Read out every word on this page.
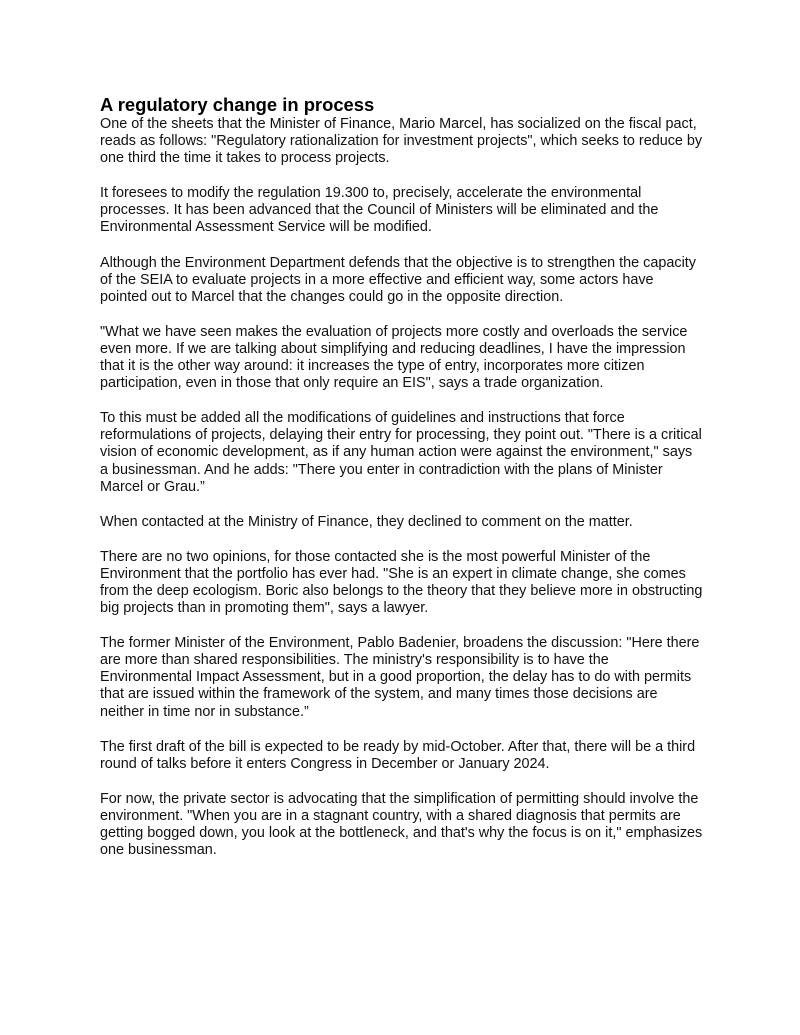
A regulatory change in process

One of the sheets that the Minister of Finance, Mario Marcel, has socialized on the fiscal pact, reads as follows: "Regulatory rationalization for investment projects", which seeks to reduce by one third the time it takes to process projects.

It foresees to modify the regulation 19.300 to, precisely, accelerate the environmental processes. It has been advanced that the Council of Ministers will be eliminated and the Environmental Assessment Service will be modified.

Although the Environment Department defends that the objective is to strengthen the capacity of the SEIA to evaluate projects in a more effective and efficient way, some actors have pointed out to Marcel that the changes could go in the opposite direction.

"What we have seen makes the evaluation of projects more costly and overloads the service even more. If we are talking about simplifying and reducing deadlines, I have the impression that it is the other way around: it increases the type of entry, incorporates more citizen participation, even in those that only require an EIS", says a trade organization.

To this must be added all the modifications of guidelines and instructions that force reformulations of projects, delaying their entry for processing, they point out. "There is a critical vision of economic development, as if any human action were against the environment," says a businessman. And he adds: "There you enter in contradiction with the plans of Minister Marcel or Grau.”

When contacted at the Ministry of Finance, they declined to comment on the matter.

There are no two opinions, for those contacted she is the most powerful Minister of the Environment that the portfolio has ever had. "She is an expert in climate change, she comes from the deep ecologism. Boric also belongs to the theory that they believe more in obstructing big projects than in promoting them", says a lawyer.

The former Minister of the Environment, Pablo Badenier, broadens the discussion: "Here there are more than shared responsibilities. The ministry's responsibility is to have the Environmental Impact Assessment, but in a good proportion, the delay has to do with permits that are issued within the framework of the system, and many times those decisions are neither in time nor in substance.”

The first draft of the bill is expected to be ready by mid-October. After that, there will be a third round of talks before it enters Congress in December or January 2024.

For now, the private sector is advocating that the simplification of permitting should involve the environment. "When you are in a stagnant country, with a shared diagnosis that permits are getting bogged down, you look at the bottleneck, and that's why the focus is on it," emphasizes one businessman.
